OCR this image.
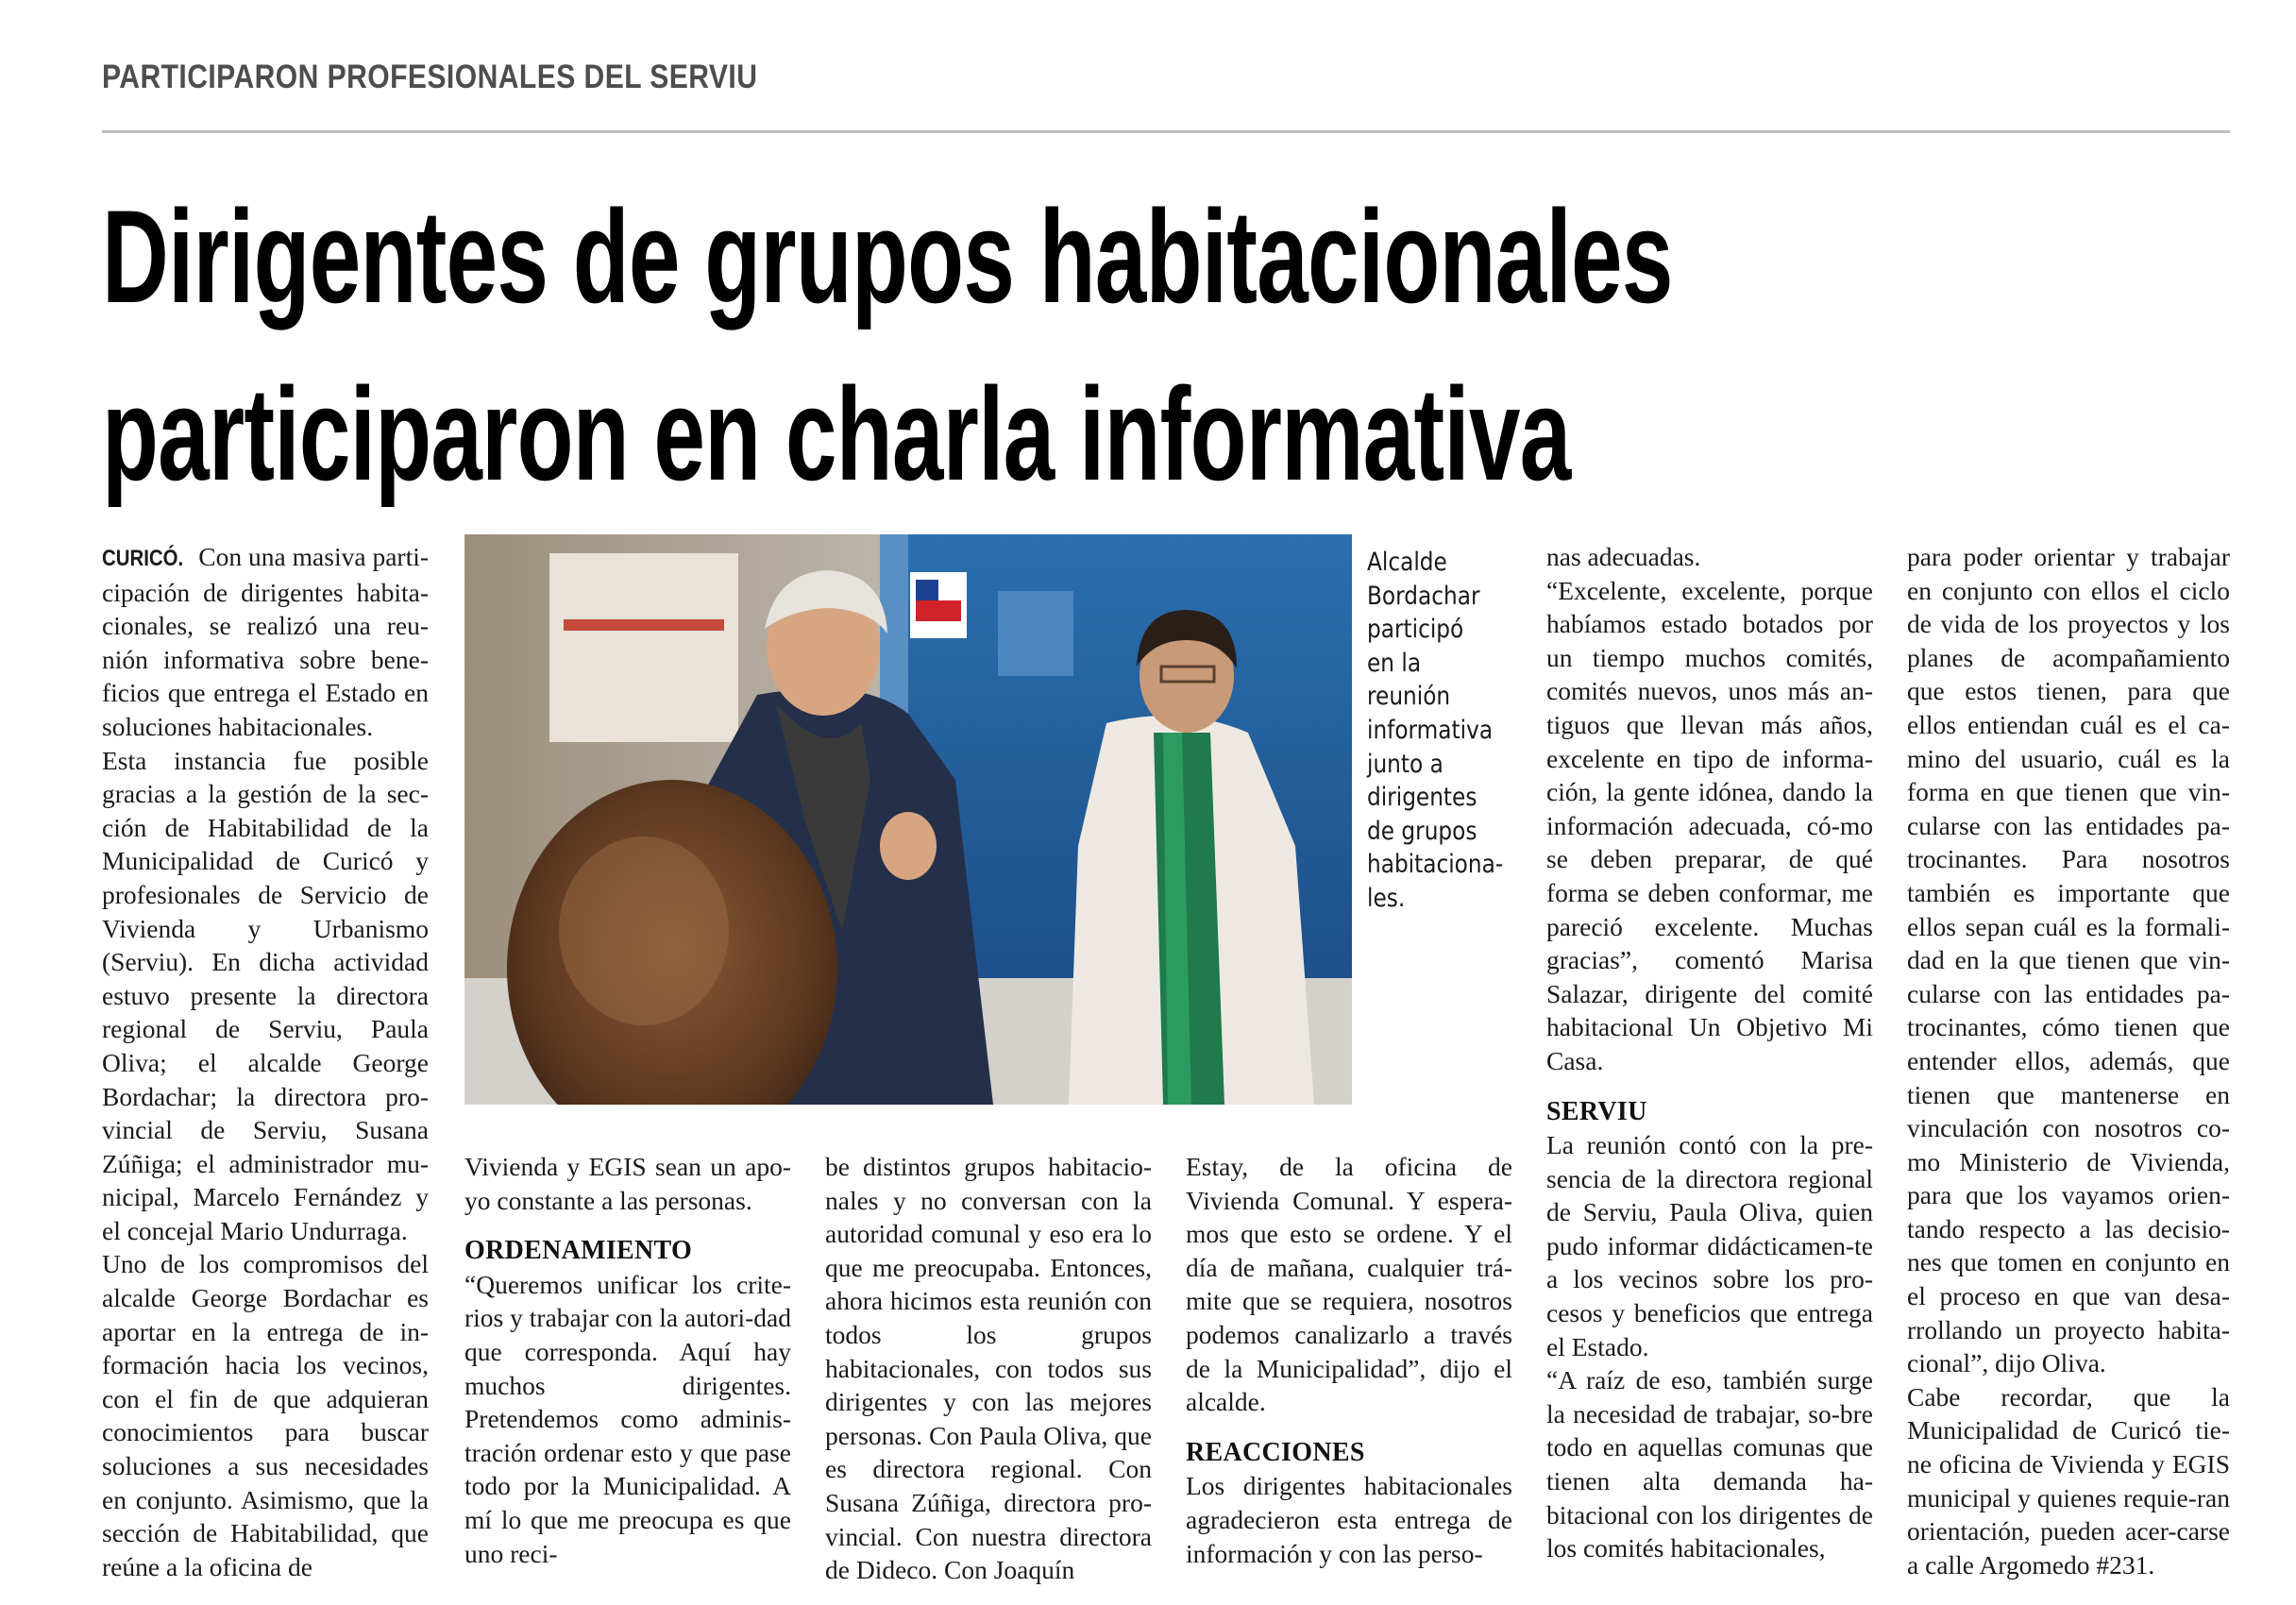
PARTICIPARON PROFESIONALES DEL SERVIU
Dirigentes de grupos habitacionales
participaron en charla informativa

CURICÓ. Con una masiva parti-cipación de dirigentes habita-cionales, se realizó una reu-nión informativa sobre bene-ficios que entrega el Estado en soluciones habitacionales.

Esta instancia fue posible gracias a la gestión de la sec-ción de Habitabilidad de la Municipalidad de Curicó y profesionales de Servicio de Vivienda y Urbanismo (Serviu). En dicha actividad estuvo presente la directora regional de Serviu, Paula Oliva; el alcalde George Bordachar; la directora pro-vincial de Serviu, Susana Zúñiga; el administrador mu-nicipal, Marcelo Fernández y el concejal Mario Undurraga.

Uno de los compromisos del alcalde George Bordachar es aportar en la entrega de in-formación hacia los vecinos, con el fin de que adquieran conocimientos para buscar soluciones a sus necesidades en conjunto. Asimismo, que la sección de Habitabilidad, que reúne a la oficina de

Alcalde Bordachar participó en la reunión informativa junto a dirigentes de grupos habitaciona-les.

Vivienda y EGIS sean un apo-yo constante a las personas.

ORDENAMIENTO

“Queremos unificar los crite-rios y trabajar con la autori-dad que corresponda. Aquí hay muchos dirigentes. Pretendemos como adminis-tración ordenar esto y que pase todo por la Municipalidad. A mí lo que me preocupa es que uno reci-

be distintos grupos habitacio-nales y no conversan con la autoridad comunal y eso era lo que me preocupaba. Entonces, ahora hicimos esta reunión con todos los grupos habitacionales, con todos sus dirigentes y con las mejores personas. Con Paula Oliva, que es directora regional. Con Susana Zúñiga, directora pro-vincial. Con nuestra directora de Dideco. Con Joaquín

Estay, de la oficina de Vivienda Comunal. Y espera-mos que esto se ordene. Y el día de mañana, cualquier trá-mite que se requiera, nosotros podemos canalizarlo a través de la Municipalidad”, dijo el alcalde.

REACCIONES

Los dirigentes habitacionales agradecieron esta entrega de información y con las perso-

nas adecuadas.

“Excelente, excelente, porque habíamos estado botados por un tiempo muchos comités, comités nuevos, unos más an-tiguos que llevan más años, excelente en tipo de informa-ción, la gente idónea, dando la información adecuada, có-mo se deben preparar, de qué forma se deben conformar, me pareció excelente. Muchas gracias”, comentó Marisa Salazar, dirigente del comité habitacional Un Objetivo Mi Casa.

SERVIU

La reunión contó con la pre-sencia de la directora regional de Serviu, Paula Oliva, quien pudo informar didácticamen-te a los vecinos sobre los pro-cesos y beneficios que entrega el Estado.

“A raíz de eso, también surge la necesidad de trabajar, so-bre todo en aquellas comunas que tienen alta demanda ha-bitacional con los dirigentes de los comités habitacionales,

para poder orientar y trabajar en conjunto con ellos el ciclo de vida de los proyectos y los planes de acompañamiento que estos tienen, para que ellos entiendan cuál es el ca-mino del usuario, cuál es la forma en que tienen que vin-cularse con las entidades pa-trocinantes. Para nosotros también es importante que ellos sepan cuál es la formali-dad en la que tienen que vin-cularse con las entidades pa-trocinantes, cómo tienen que entender ellos, además, que tienen que mantenerse en vinculación con nosotros co-mo Ministerio de Vivienda, para que los vayamos orien-tando respecto a las decisio-nes que tomen en conjunto en el proceso en que van desa-rrollando un proyecto habita-cional”, dijo Oliva.

Cabe recordar, que la Municipalidad de Curicó tie-ne oficina de Vivienda y EGIS municipal y quienes requie-ran orientación, pueden acer-carse a calle Argomedo #231.
